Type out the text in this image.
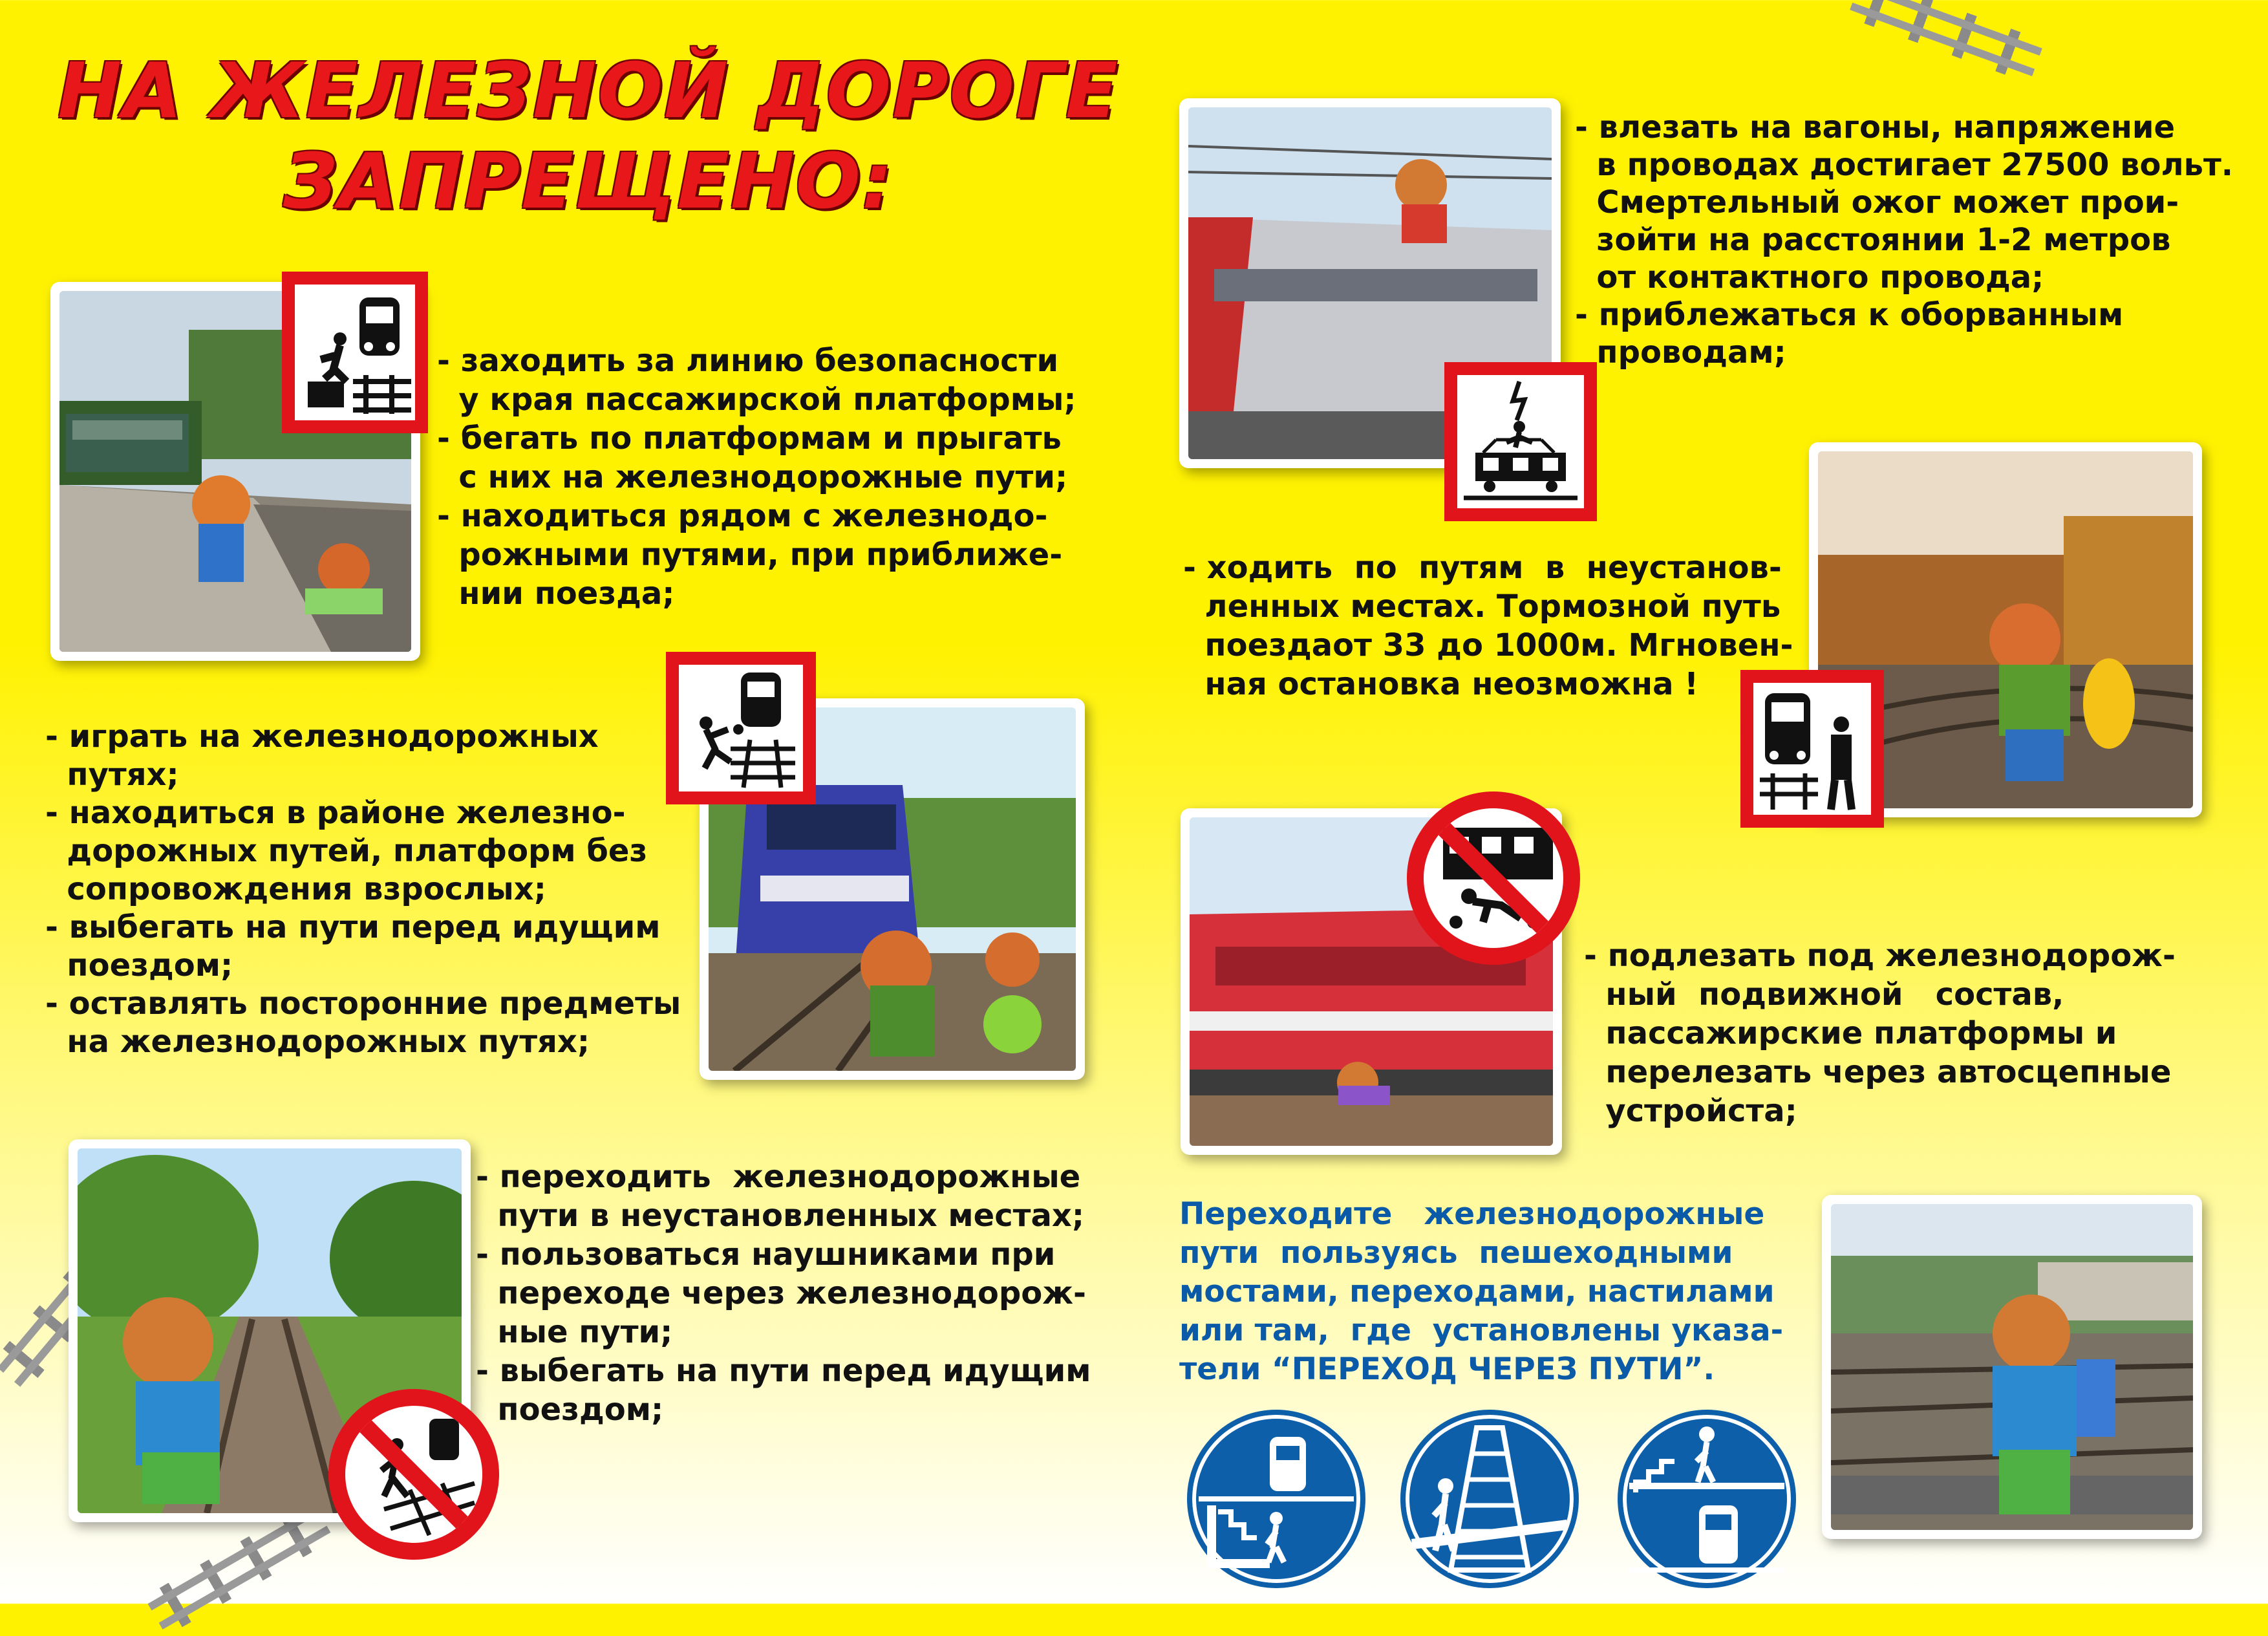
НА ЖЕЛЕЗНОЙ ДОРОГЕ
ЗАПРЕЩЕНО:
- заходить за линию безопасности
у края пассажирской платформы;
- бегать по платформам и прыгать
с них на железнодорожные пути;
- находиться рядом с железнодо-
рожными путями, при приближе-
нии поезда;
- играть на железнодорожных
путях;
- находиться в районе железно-
дорожных путей, платформ без
сопровождения взрослых;
- выбегать на пути перед идущим
поездом;
- оставлять посторонние предметы
на железнодорожных путях;
- переходить  железнодорожные
пути в неустановленных местах;
- пользоваться наушниками при
переходе через железнодорож-
ные пути;
- выбегать на пути перед идущим
поездом;
- влезать на вагоны, напряжение
в проводах достигает 27500 вольт.
Смертельный ожог может прои-
зойти на расстоянии 1-2 метров
от контактного провода;
- приблежаться к оборванным
проводам;
- ходить  по  путям  в  неустанов-
ленных местах. Тормозной путь
поездаот 33 до 1000м. Мгновен-
ная остановка неозможна !
- подлезать под железнодорож-
ный  подвижной   состав,
пассажирские платформы и
перелезать через автосцепные
устройста;
Переходите   железнодорожные
пути  пользуясь  пешеходными
мостами, переходами, настилами
или там,  где  установлены указа-
тели “ПЕРЕХОД ЧЕРЕЗ ПУТИ”.
